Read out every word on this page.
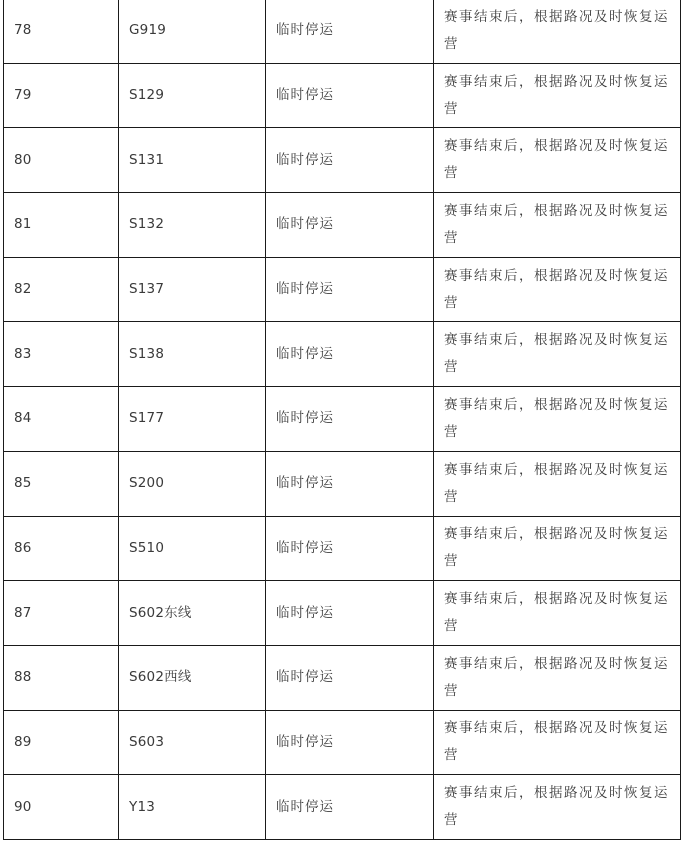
78	G919	临时停运	赛事结束后，根据路况及时恢复运营
79	S129	临时停运	赛事结束后，根据路况及时恢复运营
80	S131	临时停运	赛事结束后，根据路况及时恢复运营
81	S132	临时停运	赛事结束后，根据路况及时恢复运营
82	S137	临时停运	赛事结束后，根据路况及时恢复运营
83	S138	临时停运	赛事结束后，根据路况及时恢复运营
84	S177	临时停运	赛事结束后，根据路况及时恢复运营
85	S200	临时停运	赛事结束后，根据路况及时恢复运营
86	S510	临时停运	赛事结束后，根据路况及时恢复运营
87	S602东线	临时停运	赛事结束后，根据路况及时恢复运营
88	S602西线	临时停运	赛事结束后，根据路况及时恢复运营
89	S603	临时停运	赛事结束后，根据路况及时恢复运营
90	Y13	临时停运	赛事结束后，根据路况及时恢复运营
